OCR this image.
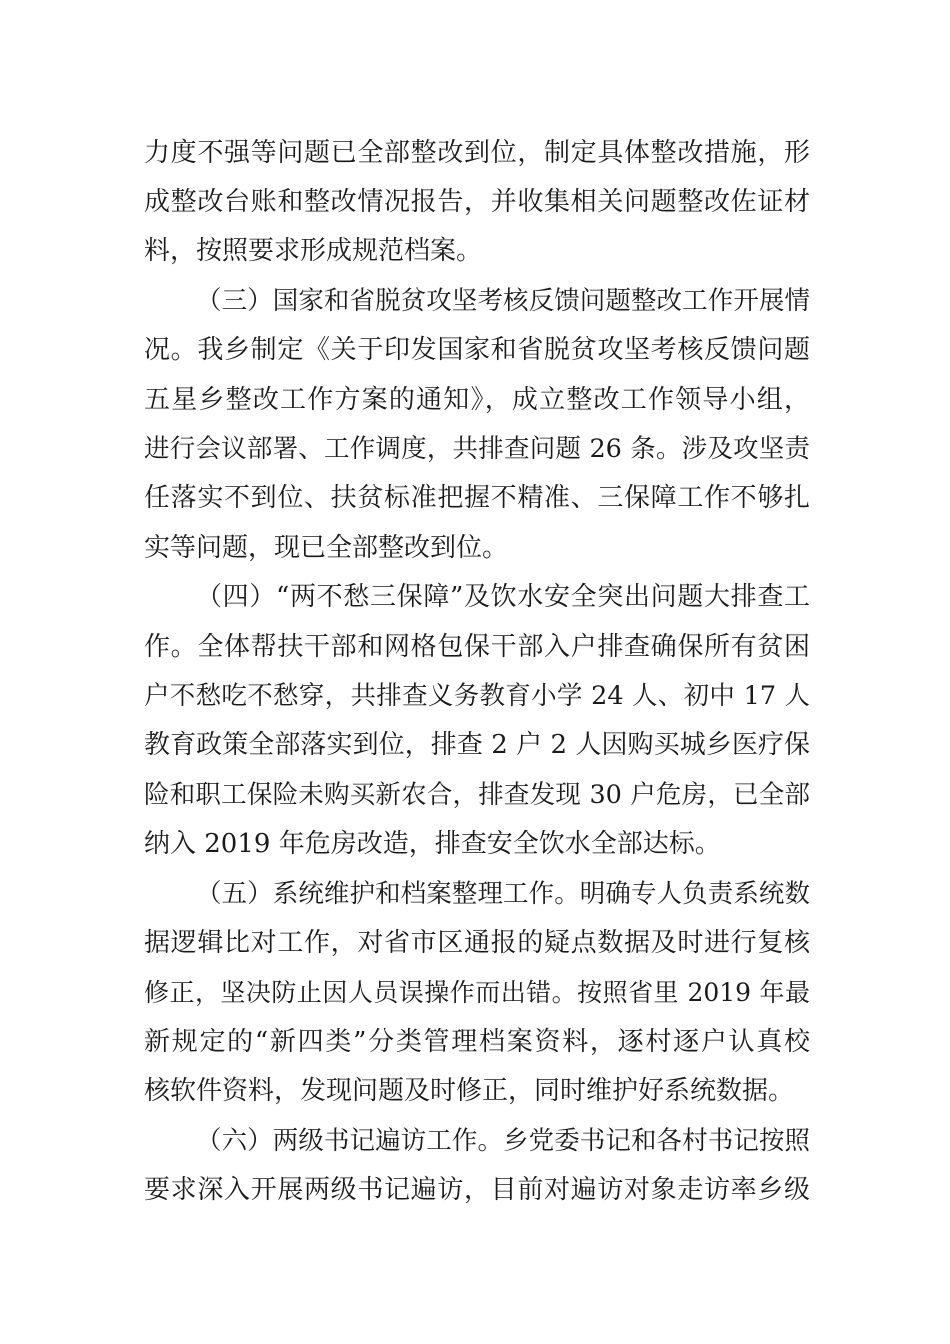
力度不强等问题已全部整改到位，制定具体整改措施，形
成整改台账和整改情况报告，并收集相关问题整改佐证材
料，按照要求形成规范档案。
（三）国家和省脱贫攻坚考核反馈问题整改工作开展情
况。我乡制定《关于印发国家和省脱贫攻坚考核反馈问题
五星乡整改工作方案的通知》，成立整改工作领导小组，
进行会议部署、工作调度，共排查问题 26 条。涉及攻坚责
任落实不到位、扶贫标准把握不精准、三保障工作不够扎
实等问题，现已全部整改到位。
（四）“两不愁三保障”及饮水安全突出问题大排查工
作。全体帮扶干部和网格包保干部入户排查确保所有贫困
户不愁吃不愁穿，共排查义务教育小学 24 人、初中 17 人
教育政策全部落实到位，排查 2 户 2 人因购买城乡医疗保
险和职工保险未购买新农合，排查发现 30 户危房，已全部
纳入 2019 年危房改造，排查安全饮水全部达标。
（五）系统维护和档案整理工作。明确专人负责系统数
据逻辑比对工作，对省市区通报的疑点数据及时进行复核
修正，坚决防止因人员误操作而出错。按照省里 2019 年最
新规定的“新四类”分类管理档案资料，逐村逐户认真校
核软件资料，发现问题及时修正，同时维护好系统数据。
（六）两级书记遍访工作。乡党委书记和各村书记按照
要求深入开展两级书记遍访，目前对遍访对象走访率乡级
